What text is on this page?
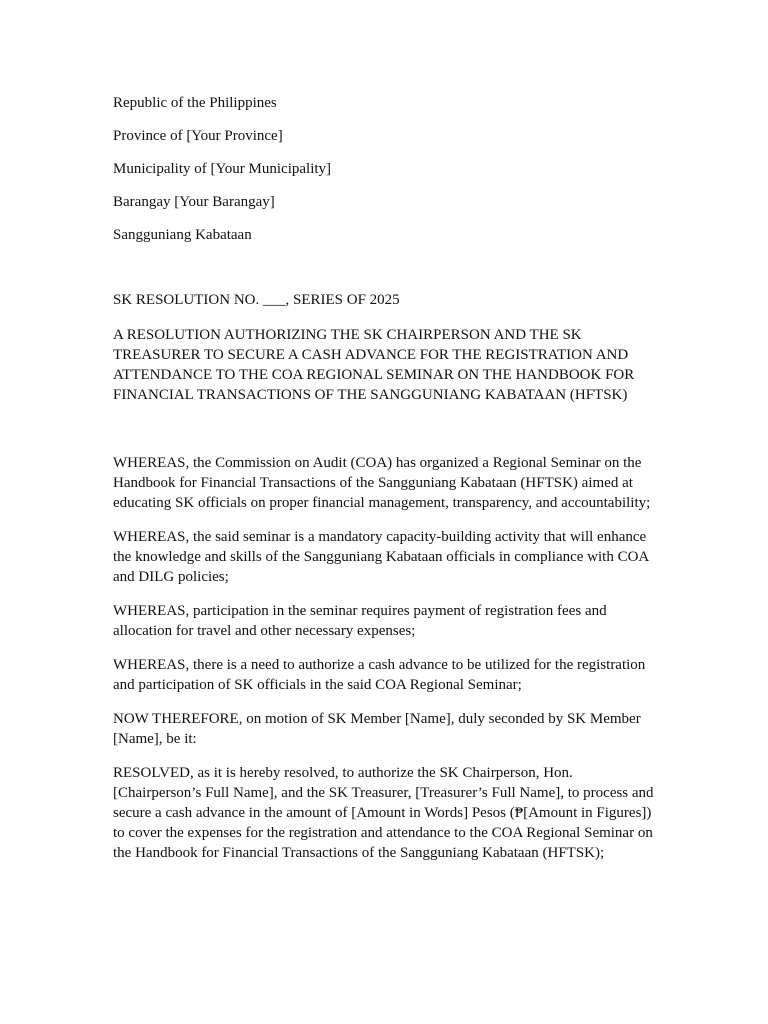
Republic of the Philippines
Province of [Your Province]
Municipality of [Your Municipality]
Barangay [Your Barangay]
Sangguniang Kabataan
SK RESOLUTION NO. ___, SERIES OF 2025
A RESOLUTION AUTHORIZING THE SK CHAIRPERSON AND THE SK TREASURER TO SECURE A CASH ADVANCE FOR THE REGISTRATION AND ATTENDANCE TO THE COA REGIONAL SEMINAR ON THE HANDBOOK FOR FINANCIAL TRANSACTIONS OF THE SANGGUNIANG KABATAAN (HFTSK)

WHEREAS, the Commission on Audit (COA) has organized a Regional Seminar on the Handbook for Financial Transactions of the Sangguniang Kabataan (HFTSK) aimed at educating SK officials on proper financial management, transparency, and accountability;

WHEREAS, the said seminar is a mandatory capacity-building activity that will enhance the knowledge and skills of the Sangguniang Kabataan officials in compliance with COA and DILG policies;

WHEREAS, participation in the seminar requires payment of registration fees and allocation for travel and other necessary expenses;

WHEREAS, there is a need to authorize a cash advance to be utilized for the registration and participation of SK officials in the said COA Regional Seminar;

NOW THEREFORE, on motion of SK Member [Name], duly seconded by SK Member [Name], be it:

RESOLVED, as it is hereby resolved, to authorize the SK Chairperson, Hon. [Chairperson’s Full Name], and the SK Treasurer, [Treasurer’s Full Name], to process and secure a cash advance in the amount of [Amount in Words] Pesos (₱[Amount in Figures]) to cover the expenses for the registration and attendance to the COA Regional Seminar on the Handbook for Financial Transactions of the Sangguniang Kabataan (HFTSK);
